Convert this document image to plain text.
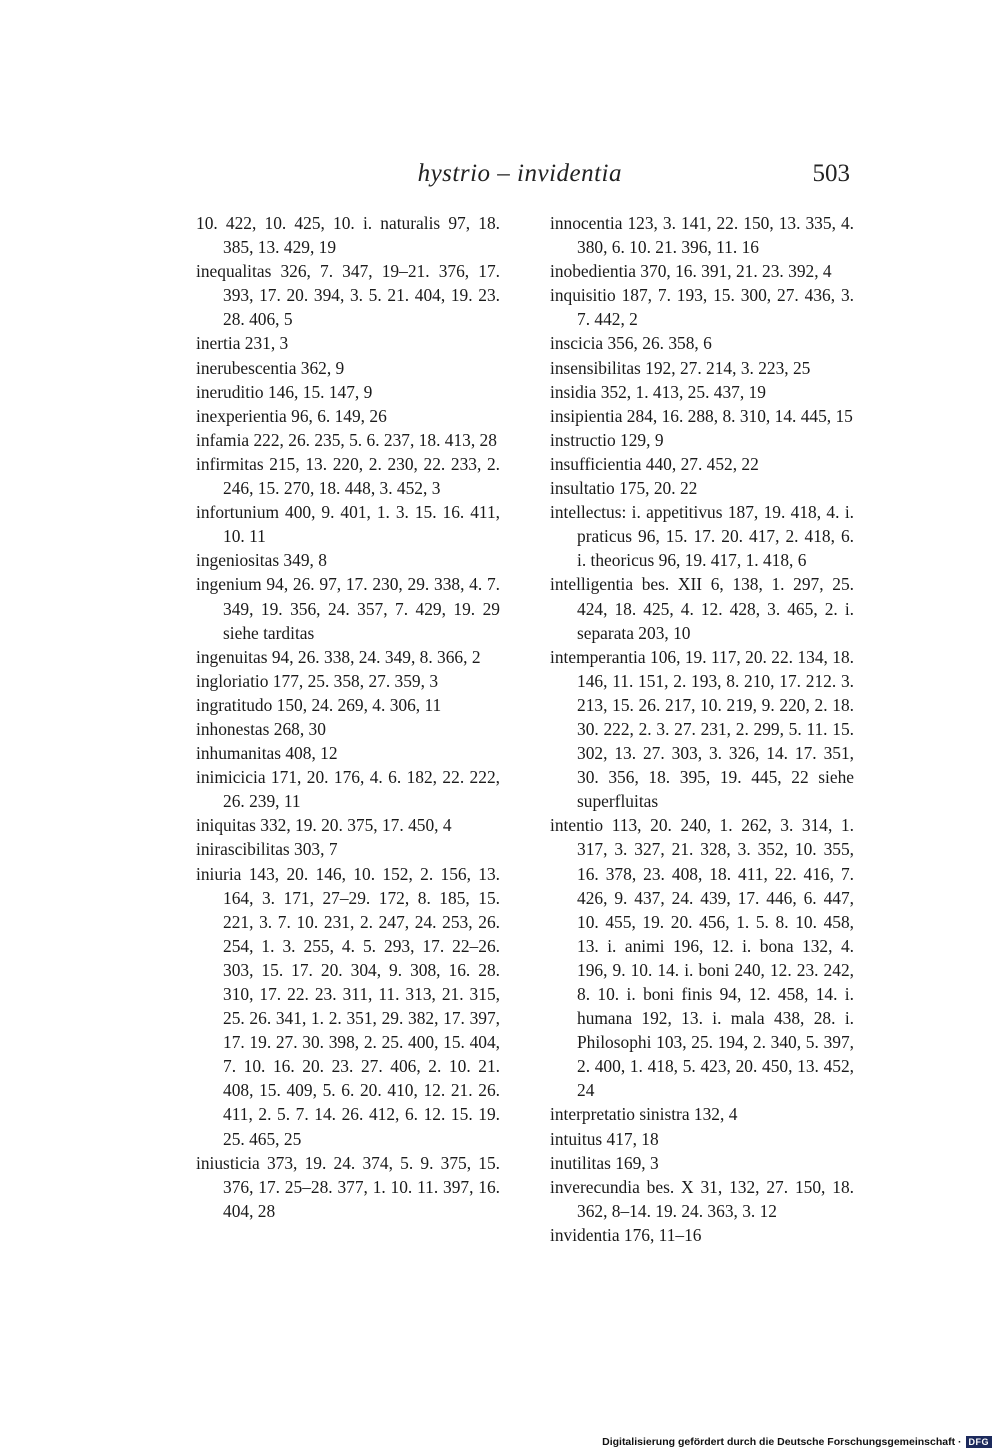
hystrio – invidentia	503
10. 422, 10. 425, 10. i. naturalis 97, 18. 385, 13. 429, 19
inequalitas 326, 7. 347, 19–21. 376, 17. 393, 17. 20. 394, 3. 5. 21. 404, 19. 23. 28. 406, 5
inertia 231, 3
inerubescentia 362, 9
ineruditio 146, 15. 147, 9
inexperientia 96, 6. 149, 26
infamia 222, 26. 235, 5. 6. 237, 18. 413, 28
infirmitas 215, 13. 220, 2. 230, 22. 233, 2. 246, 15. 270, 18. 448, 3. 452, 3
infortunium 400, 9. 401, 1. 3. 15. 16. 411, 10. 11
ingeniositas 349, 8
ingenium 94, 26. 97, 17. 230, 29. 338, 4. 7. 349, 19. 356, 24. 357, 7. 429, 19. 29 siehe tarditas
ingenuitas 94, 26. 338, 24. 349, 8. 366, 2
ingloriatio 177, 25. 358, 27. 359, 3
ingratitudo 150, 24. 269, 4. 306, 11
inhonestas 268, 30
inhumanitas 408, 12
inimicicia 171, 20. 176, 4. 6. 182, 22. 222, 26. 239, 11
iniquitas 332, 19. 20. 375, 17. 450, 4
inirascibilitas 303, 7
iniuria 143, 20. 146, 10. 152, 2. 156, 13. 164, 3. 171, 27–29. 172, 8. 185, 15. 221, 3. 7. 10. 231, 2. 247, 24. 253, 26. 254, 1. 3. 255, 4. 5. 293, 17. 22–26. 303, 15. 17. 20. 304, 9. 308, 16. 28. 310, 17. 22. 23. 311, 11. 313, 21. 315, 25. 26. 341, 1. 2. 351, 29. 382, 17. 397, 17. 19. 27. 30. 398, 2. 25. 400, 15. 404, 7. 10. 16. 20. 23. 27. 406, 2. 10. 21. 408, 15. 409, 5. 6. 20. 410, 12. 21. 26. 411, 2. 5. 7. 14. 26. 412, 6. 12. 15. 19. 25. 465, 25
iniusticia 373, 19. 24. 374, 5. 9. 375, 15. 376, 17. 25–28. 377, 1. 10. 11. 397, 16. 404, 28
innocentia 123, 3. 141, 22. 150, 13. 335, 4. 380, 6. 10. 21. 396, 11. 16
inobedientia 370, 16. 391, 21. 23. 392, 4
inquisitio 187, 7. 193, 15. 300, 27. 436, 3. 7. 442, 2
inscicia 356, 26. 358, 6
insensibilitas 192, 27. 214, 3. 223, 25
insidia 352, 1. 413, 25. 437, 19
insipientia 284, 16. 288, 8. 310, 14. 445, 15
instructio 129, 9
insufficientia 440, 27. 452, 22
insultatio 175, 20. 22
intellectus: i. appetitivus 187, 19. 418, 4. i. praticus 96, 15. 17. 20. 417, 2. 418, 6. i. theoricus 96, 19. 417, 1. 418, 6
intelligentia bes. XII 6, 138, 1. 297, 25. 424, 18. 425, 4. 12. 428, 3. 465, 2. i. separata 203, 10
intemperantia 106, 19. 117, 20. 22. 134, 18. 146, 11. 151, 2. 193, 8. 210, 17. 212. 3. 213, 15. 26. 217, 10. 219, 9. 220, 2. 18. 30. 222, 2. 3. 27. 231, 2. 299, 5. 11. 15. 302, 13. 27. 303, 3. 326, 14. 17. 351, 30. 356, 18. 395, 19. 445, 22 siehe superfluitas
intentio 113, 20. 240, 1. 262, 3. 314, 1. 317, 3. 327, 21. 328, 3. 352, 10. 355, 16. 378, 23. 408, 18. 411, 22. 416, 7. 426, 9. 437, 24. 439, 17. 446, 6. 447, 10. 455, 19. 20. 456, 1. 5. 8. 10. 458, 13. i. animi 196, 12. i. bona 132, 4. 196, 9. 10. 14. i. boni 240, 12. 23. 242, 8. 10. i. boni finis 94, 12. 458, 14. i. humana 192, 13. i. mala 438, 28. i. Philosophi 103, 25. 194, 2. 340, 5. 397, 2. 400, 1. 418, 5. 423, 20. 450, 13. 452, 24
interpretatio sinistra 132, 4
intuitus 417, 18
inutilitas 169, 3
inverecundia bes. X 31, 132, 27. 150, 18. 362, 8–14. 19. 24. 363, 3. 12
invidentia 176, 11–16
Digitalisierung gefördert durch die Deutsche Forschungsgemeinschaft · DFG
